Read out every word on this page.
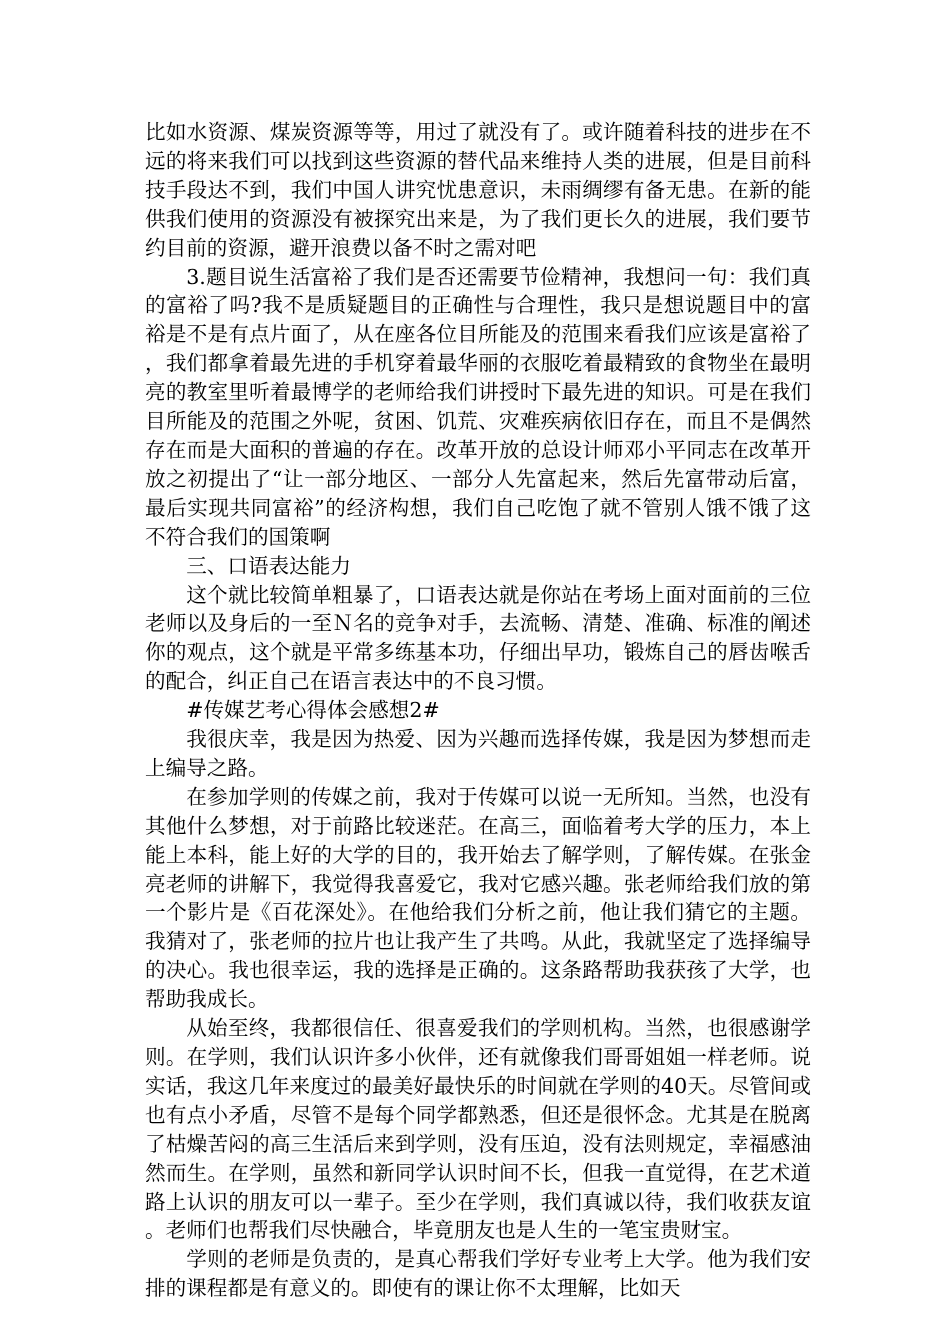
比如水资源、煤炭资源等等，用过了就没有了。或许随着科技的进步在不远的将来我们可以找到这些资源的替代品来维持人类的进展，但是目前科技手段达不到，我们中国人讲究忧患意识，未雨绸缪有备无患。在新的能供我们使用的资源没有被探究出来是，为了我们更长久的进展，我们要节约目前的资源，避开浪费以备不时之需对吧

3.题目说生活富裕了我们是否还需要节俭精神，我想问一句：我们真的富裕了吗?我不是质疑题目的正确性与合理性，我只是想说题目中的富裕是不是有点片面了，从在座各位目所能及的范围来看我们应该是富裕了，我们都拿着最先进的手机穿着最华丽的衣服吃着最精致的食物坐在最明亮的教室里听着最博学的老师给我们讲授时下最先进的知识。可是在我们目所能及的范围之外呢，贫困、饥荒、灾难疾病依旧存在，而且不是偶然存在而是大面积的普遍的存在。改革开放的总设计师邓小平同志在改革开放之初提出了“让一部分地区、一部分人先富起来，然后先富带动后富，最后实现共同富裕”的经济构想，我们自己吃饱了就不管别人饿不饿了这不符合我们的国策啊

三、口语表达能力

这个就比较简单粗暴了，口语表达就是你站在考场上面对面前的三位老师以及身后的一至Ｎ名的竞争对手，去流畅、清楚、准确、标准的阐述你的观点，这个就是平常多练基本功，仔细出早功，锻炼自己的唇齿喉舌的配合，纠正自己在语言表达中的不良习惯。

#传媒艺考心得体会感想2#

我很庆幸，我是因为热爱、因为兴趣而选择传媒，我是因为梦想而走上编导之路。

在参加学则的传媒之前，我对于传媒可以说一无所知。当然，也没有其他什么梦想，对于前路比较迷茫。在高三，面临着考大学的压力，本上能上本科，能上好的大学的目的，我开始去了解学则，了解传媒。在张金亮老师的讲解下，我觉得我喜爱它，我对它感兴趣。张老师给我们放的第一个影片是《百花深处》。在他给我们分析之前，他让我们猜它的主题。我猜对了，张老师的拉片也让我产生了共鸣。从此，我就坚定了选择编导的决心。我也很幸运，我的选择是正确的。这条路帮助我获孩了大学，也帮助我成长。

从始至终，我都很信任、很喜爱我们的学则机构。当然，也很感谢学则。在学则，我们认识许多小伙伴，还有就像我们哥哥姐姐一样老师。说实话，我这几年来度过的最美好最快乐的时间就在学则的40天。尽管间或也有点小矛盾，尽管不是每个同学都熟悉，但还是很怀念。尤其是在脱离了枯燥苦闷的高三生活后来到学则，没有压迫，没有法则规定，幸福感油然而生。在学则，虽然和新同学认识时间不长，但我一直觉得，在艺术道路上认识的朋友可以一辈子。至少在学则，我们真诚以待，我们收获友谊。老师们也帮我们尽快融合，毕竟朋友也是人生的一笔宝贵财宝。

学则的老师是负责的，是真心帮我们学好专业考上大学。他为我们安排的课程都是有意义的。即使有的课让你不太理解，比如天
